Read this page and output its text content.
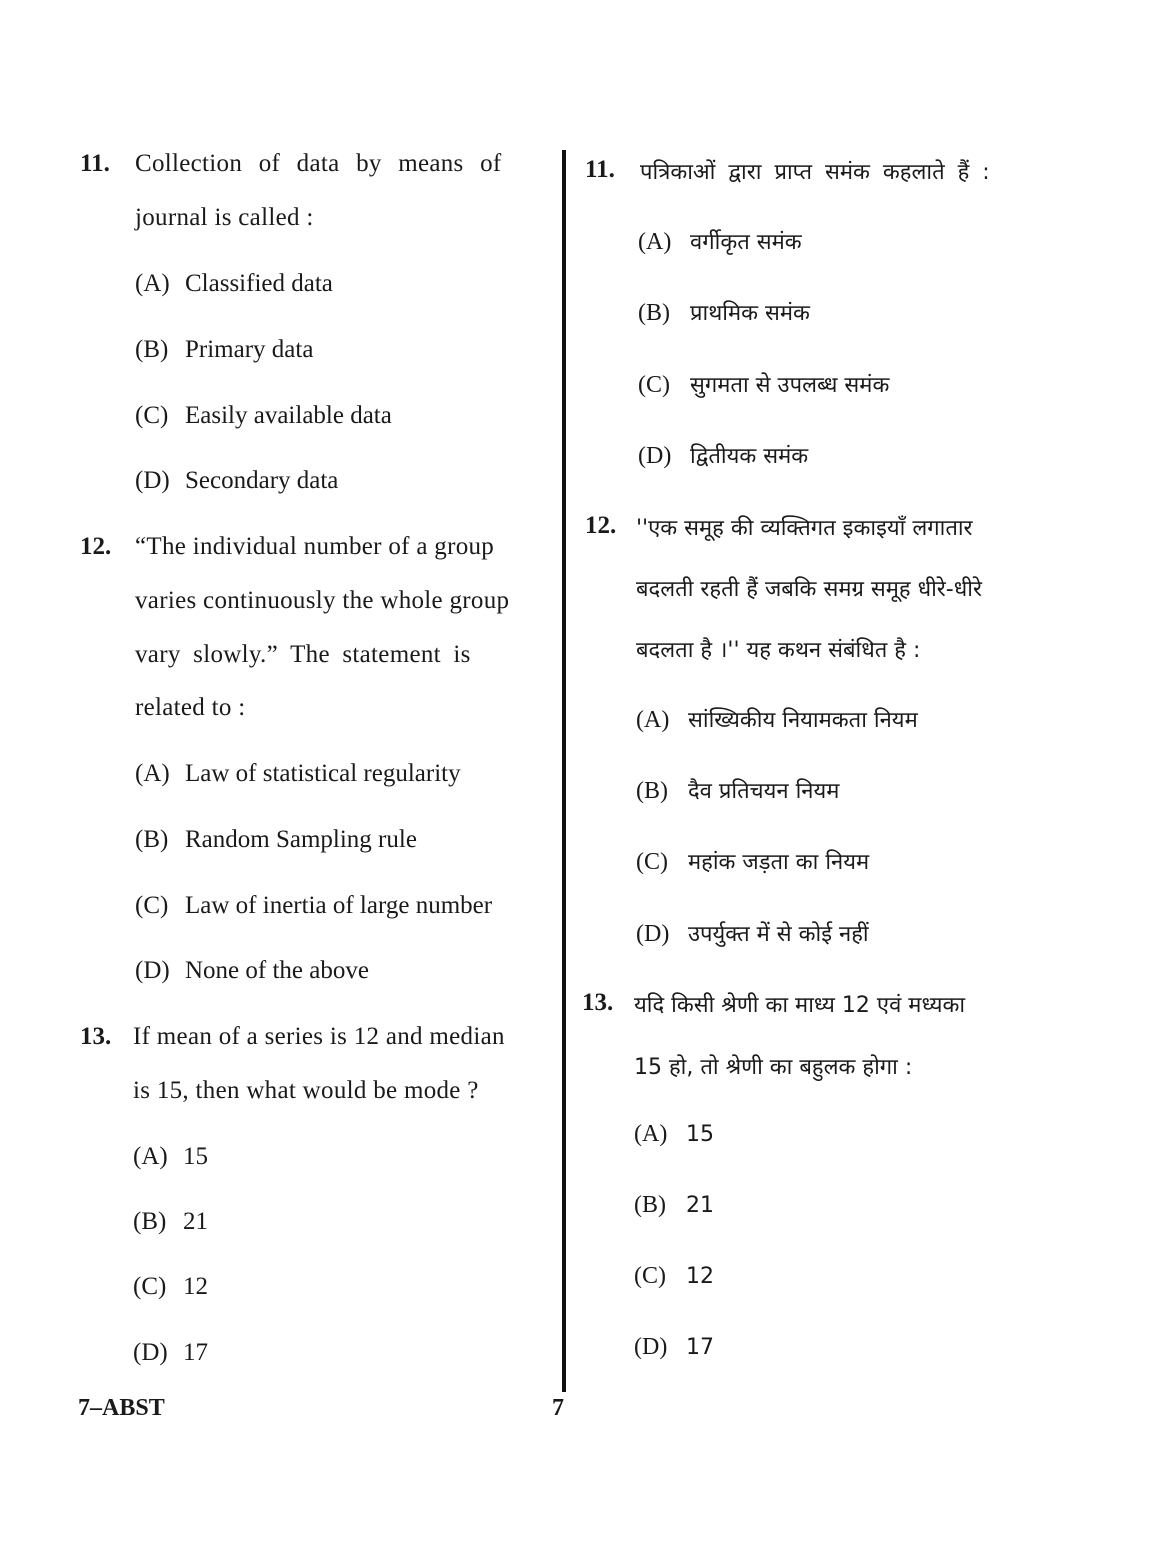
11. Collection of data by means of
journal is called :
(A) Classified data
(B) Primary data
(C) Easily available data
(D) Secondary data
12. “The individual number of a group
varies continuously the whole group
vary slowly.” The statement is
related to :
(A) Law of statistical regularity
(B) Random Sampling rule
(C) Law of inertia of large number
(D) None of the above
13. If mean of a series is 12 and median
is 15, then what would be mode ?
(A) 15
(B) 21
(C) 12
(D) 17
11. पत्रिकाओं द्वारा प्राप्त समंक कहलाते हैं :
(A) वर्गीकृत समंक
(B) प्राथमिक समंक
(C) सुगमता से उपलब्ध समंक
(D) द्वितीयक समंक
12. ''एक समूह की व्यक्तिगत इकाइयाँ लगातार
बदलती रहती हैं जबकि समग्र समूह धीरे-धीरे
बदलता है ।'' यह कथन संबंधित है :
(A) सांख्यिकीय नियामकता नियम
(B) दैव प्रतिचयन नियम
(C) महांक जड़ता का नियम
(D) उपर्युक्त में से कोई नहीं
13. यदि किसी श्रेणी का माध्य 12 एवं मध्यका
15 हो, तो श्रेणी का बहुलक होगा :
(A) 15
(B) 21
(C) 12
(D) 17
7–ABST	7
